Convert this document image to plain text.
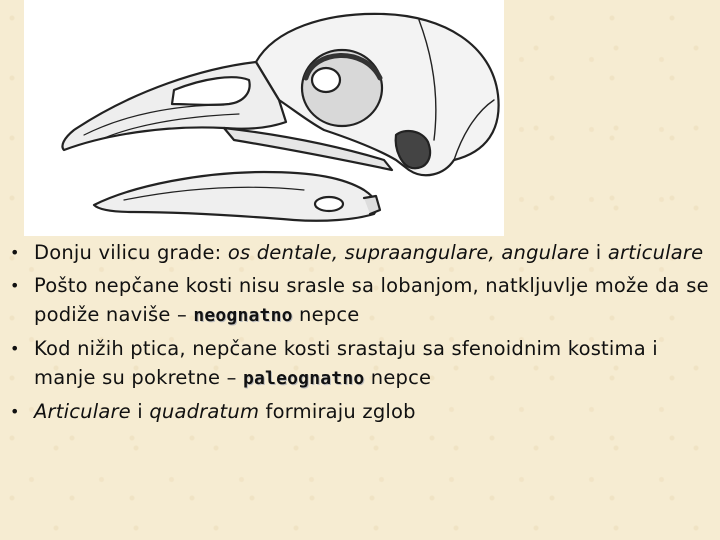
• Donju vilicu grade: os dentale, supraangulare, angulare i articulare
• Pošto nepčane kosti nisu srasle sa lobanjom, natkljuvlje može da se podiže naviše – neognatno nepce
• Kod nižih ptica, nepčane kosti srastaju sa sfenoidnim kostima i manje su pokretne – paleognatno nepce
• Articulare i quadratum formiraju zglob
